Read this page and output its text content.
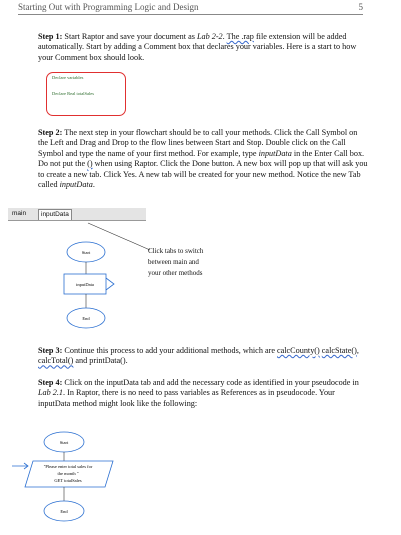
Starting Out with Programming Logic and Design	5
Step 1: Start Raptor and save your document as Lab 2-2. The .rap file extension will be added automatically. Start by adding a Comment box that declares your variables. Here is a start to how your Comment box should look.
Declare variables
Declare Real totalSales
Step 2: The next step in your flowchart should be to call your methods. Click the Call Symbol on the Left and Drag and Drop to the flow lines between Start and Stop. Double click on the Call Symbol and type the name of your first method. For example, type inputData in the Enter Call box. Do not put the () when using Raptor. Click the Done button. A new box will pop up that will ask you to create a new tab. Click Yes. A new tab will be created for your new method. Notice the new Tab called inputData.
main	inputData
Start
inputData
End
Click tabs to switch
between main and
your other methods
Step 3: Continue this process to add your additional methods, which are calcCounty() calcState(), calcTotal() and printData().
Step 4: Click on the inputData tab and add the necessary code as identified in your pseudocode in Lab 2.1. In Raptor, there is no need to pass variables as References as in pseudocode. Your inputData method might look like the following:
Start
"Please enter total sales for
the month "
GET totalSales
End
